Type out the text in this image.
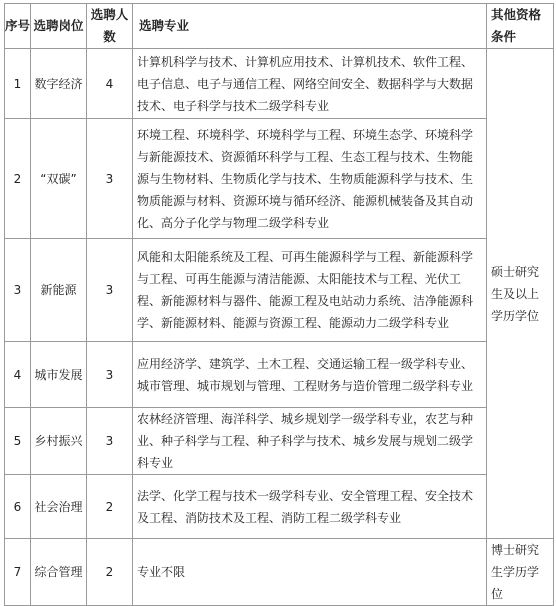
序号	选聘岗位	选聘人数	选聘专业	其他资格条件
1	数字经济	4	计算机科学与技术、计算机应用技术、计算机技术、软件工程、电子信息、电子与通信工程、网络空间安全、数据科学与大数据技术、电子科学与技术二级学科专业	硕士研究生及以上学历学位
2	“双碳”	3	环境工程、环境科学、环境科学与工程、环境生态学、环境科学与新能源技术、资源循环科学与工程、生态工程与技术、生物能源与生物材料、生物质化学与技术、生物质能源科学与技术、生物质能源与材料、资源环境与循环经济、能源机械装备及其自动化、高分子化学与物理二级学科专业	
3	新能源	3	风能和太阳能系统及工程、可再生能源科学与工程、新能源科学与工程、可再生能源与清洁能源、太阳能技术与工程、光伏工程、新能源材料与器件、能源工程及电站动力系统、洁净能源科学、新能源材料、能源与资源工程、能源动力二级学科专业	
4	城市发展	3	应用经济学、建筑学、土木工程、交通运输工程一级学科专业、城市管理、城市规划与管理、工程财务与造价管理二级学科专业	
5	乡村振兴	3	农林经济管理、海洋科学、城乡规划学一级学科专业，农艺与种业、种子科学与工程、种子科学与技术、城乡发展与规划二级学科专业	
6	社会治理	2	法学、化学工程与技术一级学科专业、安全管理工程、安全技术及工程、消防技术及工程、消防工程二级学科专业	
7	综合管理	2	专业不限	博士研究生学历学位
